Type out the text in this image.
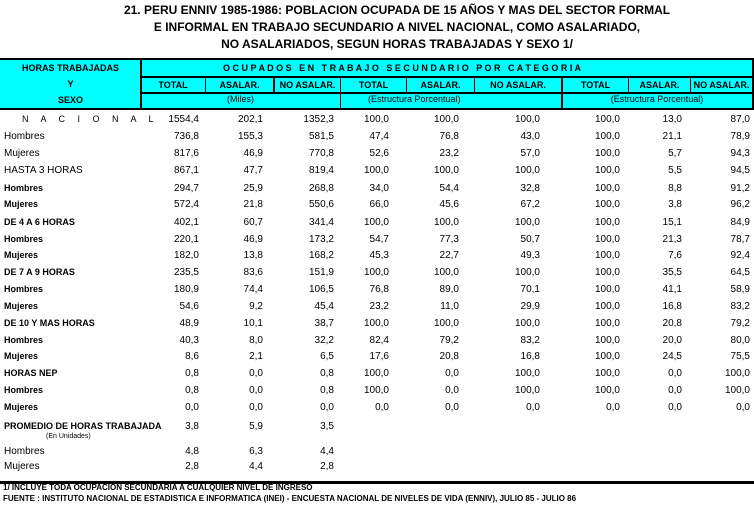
21. PERU ENNIV 1985-1986: POBLACION OCUPADA DE 15 AÑOS Y MAS DEL SECTOR FORMAL
E INFORMAL EN TRABAJO SECUNDARIO A NIVEL NACIONAL, COMO ASALARIADO,
NO ASALARIADOS, SEGUN HORAS TRABAJADAS Y SEXO 1/
HORAS TRABAJADAS
Y
SEXO
O C U P A D O S   E N   T R A B A J O   S E C U N D A R I O   P O R   C A T E G O R I A
TOTAL	ASALAR.	NO ASALAR.	TOTAL	ASALAR.	NO ASALAR.	TOTAL	ASALAR.	NO ASALAR.
(Miles)	(Estructura Porcentual)	(Estructura Porcentual)
N A C I O N A L 1554,4	202,1	1352,3	100,0	100,0	100,0	100,0	13,0	87,0
Hombres	736,8	155,3	581,5	47,4	76,8	43,0	100,0	21,1	78,9
Mujeres	817,6	46,9	770,8	52,6	23,2	57,0	100,0	5,7	94,3
HASTA 3 HORAS	867,1	47,7	819,4	100,0	100,0	100,0	100,0	5,5	94,5
Hombres	294,7	25,9	268,8	34,0	54,4	32,8	100,0	8,8	91,2
Mujeres	572,4	21,8	550,6	66,0	45,6	67,2	100,0	3,8	96,2
DE 4 A 6 HORAS	402,1	60,7	341,4	100,0	100,0	100,0	100,0	15,1	84,9
Hombres	220,1	46,9	173,2	54,7	77,3	50,7	100,0	21,3	78,7
Mujeres	182,0	13,8	168,2	45,3	22,7	49,3	100,0	7,6	92,4
DE 7 A 9 HORAS	235,5	83,6	151,9	100,0	100,0	100,0	100,0	35,5	64,5
Hombres	180,9	74,4	106,5	76,8	89,0	70,1	100,0	41,1	58,9
Mujeres	54,6	9,2	45,4	23,2	11,0	29,9	100,0	16,8	83,2
DE 10 Y MAS HORAS	48,9	10,1	38,7	100,0	100,0	100,0	100,0	20,8	79,2
Hombres	40,3	8,0	32,2	82,4	79,2	83,2	100,0	20,0	80,0
Mujeres	8,6	2,1	6,5	17,6	20,8	16,8	100,0	24,5	75,5
HORAS NEP	0,8	0,0	0,8	100,0	0,0	100,0	100,0	0,0	100,0
Hombres	0,8	0,0	0,8	100,0	0,0	100,0	100,0	0,0	100,0
Mujeres	0,0	0,0	0,0	0,0	0,0	0,0	0,0	0,0	0,0
PROMEDIO DE HORAS TRABAJADA	3,8	5,9	3,5
Hombres	4,8	6,3	4,4
Mujeres	2,8	4,4	2,8
(En Unidades)
1/ INCLUYE TODA OCUPACION SECUNDARIA A CUALQUIER NIVEL DE INGRESO
FUENTE : INSTITUTO NACIONAL DE ESTADISTICA E INFORMATICA (INEI) - ENCUESTA NACIONAL DE NIVELES DE VIDA (ENNIV), JULIO 85 - JULIO 86
